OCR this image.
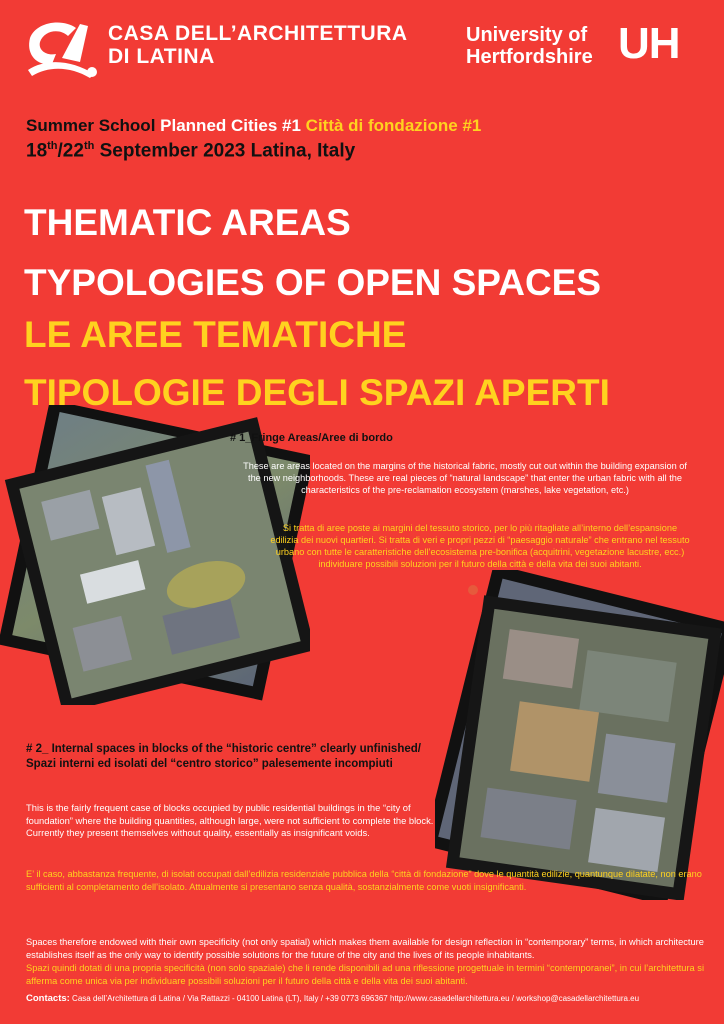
CASA DELL’ARCHITETTURA
DI LATINA
University of
Hertfordshire UH
Summer School Planned Cities #1 Città di fondazione #1
18th/22th September 2023 Latina, Italy
THEMATIC AREAS
TYPOLOGIES OF OPEN SPACES
LE AREE TEMATICHE
TIPOLOGIE DEGLI SPAZI APERTI
# 1_Fringe Areas/Aree di bordo
These are areas located on the margins of the historical fabric, mostly cut out within the building expansion of the new neighborhoods. These are real pieces of “natural landscape” that enter the urban fabric with all the characteristics of the pre-reclamation ecosystem (marshes, lake vegetation, etc.)
Si tratta di aree poste ai margini del tessuto storico, per lo più ritagliate all’interno dell’espansione edilizia dei nuovi quartieri. Si tratta di veri e propri pezzi di “paesaggio naturale” che entrano nel tessuto urbano con tutte le caratteristiche dell’ecosistema pre-bonifica (acquitrini, vegetazione lacustre, ecc.) individuare possibili soluzioni per il futuro della città e della vita dei suoi abitanti.
# 2_ Internal spaces in blocks of the “historic centre” clearly unfinished/ Spazi interni ed isolati del “centro storico” palesemente incompiuti
This is the fairly frequent case of blocks occupied by public residential buildings in the “city of foundation” where the building quantities, although large, were not sufficient to complete the block. Currently they present themselves without quality, essentially as insignificant voids.
E’ il caso, abbastanza frequente, di isolati occupati dall’edilizia residenziale pubblica della “città di fondazione” dove le quantità edilizie, quantunque dilatate, non erano sufficienti al completamento dell’isolato. Attualmente si presentano senza qualità, sostanzialmente come vuoti insignificanti.
Spaces therefore endowed with their own specificity (not only spatial) which makes them available for design reflection in “contemporary” terms, in which architecture establishes itself as the only way to identify possible solutions for the future of the city and the lives of its people inhabitants.
Spazi quindi dotati di una propria specificità (non solo spaziale) che li rende disponibili ad una riflessione progettuale in termini “contemporanei”, in cui l’architettura si afferma come unica via per individuare possibili soluzioni per il futuro della città e della vita dei suoi abitanti.
Contacts: Casa dell’Architettura di Latina / Via Rattazzi - 04100 Latina (LT), Italy / +39 0773 696367 http://www.casadellarchitettura.eu / workshop@casadellarchitettura.eu
